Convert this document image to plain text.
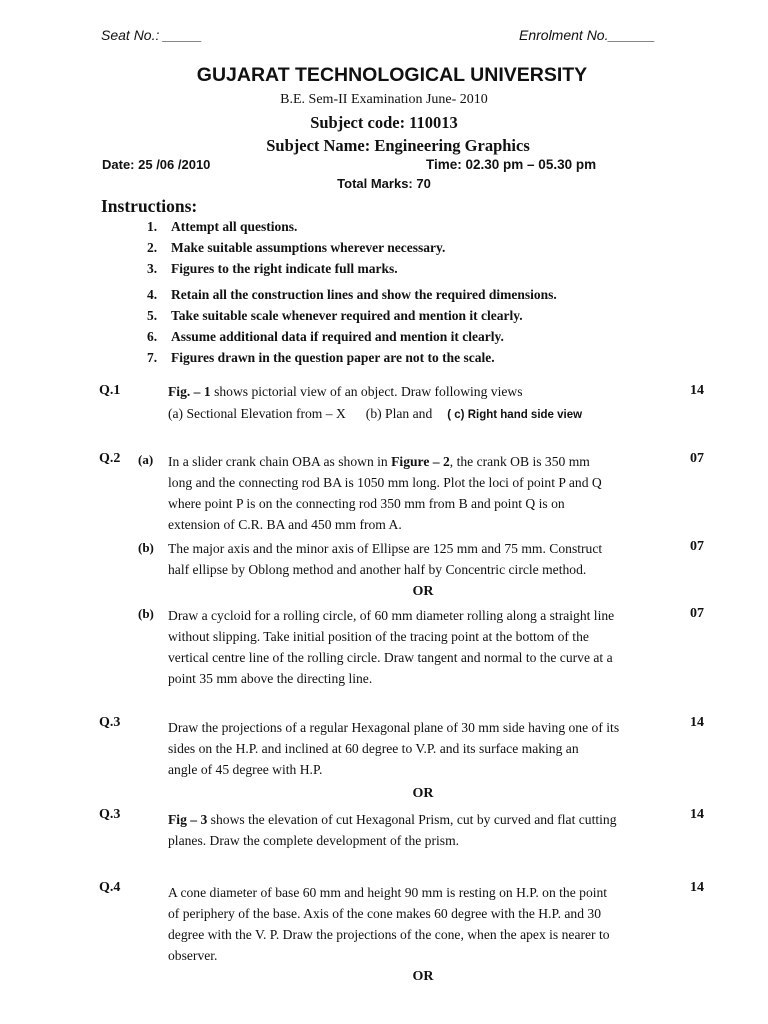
Seat No.: _____	Enrolment No.______
GUJARAT TECHNOLOGICAL UNIVERSITY
B.E. Sem-II Examination June- 2010
Subject code: 110013
Subject Name: Engineering Graphics
Date: 25 /06 /2010	Time: 02.30 pm – 05.30 pm
Total Marks: 70
Instructions:
1.	Attempt all questions.
2.	Make suitable assumptions wherever necessary.
3.	Figures to the right indicate full marks.
4.	Retain all the construction lines and show the required dimensions.
5.	Take suitable scale whenever required and mention it clearly.
6.	Assume additional data if required and mention it clearly.
7.	Figures drawn in the question paper are not to the scale.
Q.1	14
Fig. – 1 shows pictorial view of an object. Draw following views
(a) Sectional Elevation from – X (b) Plan and ( c) Right hand side view
Q.2 (a)	07
In a slider crank chain OBA as shown in Figure – 2, the crank OB is 350 mm
long and the connecting rod BA is 1050 mm long. Plot the loci of point P and Q
where point P is on the connecting rod 350 mm from B and point Q is on
extension of C.R. BA and 450 mm from A.
(b)	07
The major axis and the minor axis of Ellipse are 125 mm and 75 mm. Construct
half ellipse by Oblong method and another half by Concentric circle method.
OR
(b)	07
Draw a cycloid for a rolling circle, of 60 mm diameter rolling along a straight line
without slipping. Take initial position of the tracing point at the bottom of the
vertical centre line of the rolling circle. Draw tangent and normal to the curve at a
point 35 mm above the directing line.
Q.3	14
Draw the projections of a regular Hexagonal plane of 30 mm side having one of its
sides on the H.P. and inclined at 60 degree to V.P. and its surface making an
angle of 45 degree with H.P.
OR
Q.3	14
Fig – 3 shows the elevation of cut Hexagonal Prism, cut by curved and flat cutting
planes. Draw the complete development of the prism.
Q.4	14
A cone diameter of base 60 mm and height 90 mm is resting on H.P. on the point
of periphery of the base. Axis of the cone makes 60 degree with the H.P. and 30
degree with the V. P. Draw the projections of the cone, when the apex is nearer to
observer.
OR
